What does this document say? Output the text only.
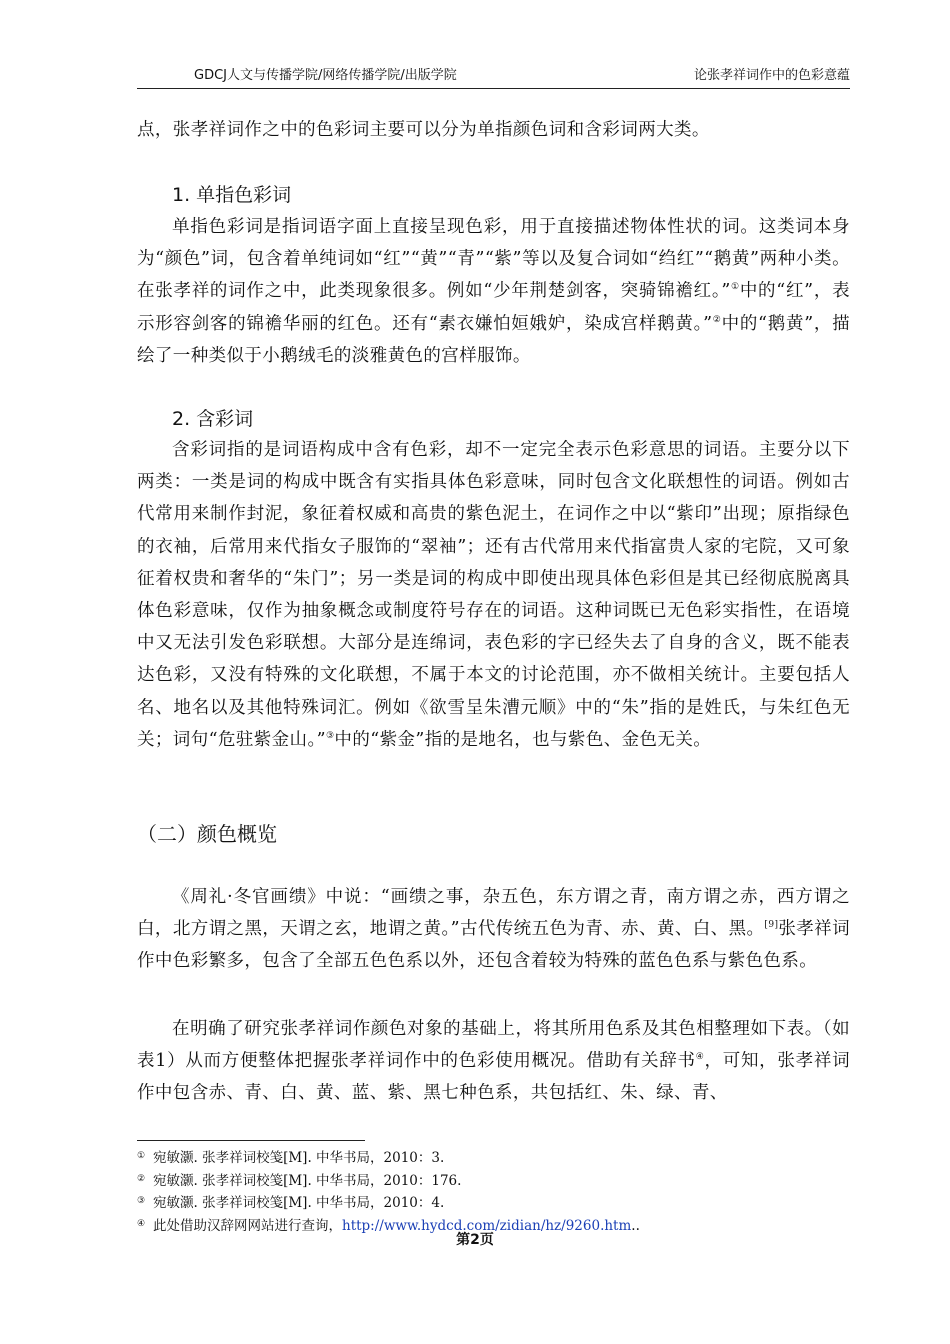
GDCJ人文与传播学院/网络传播学院/出版学院	论张孝祥词作中的色彩意蕴
点，张孝祥词作之中的色彩词主要可以分为单指颜色词和含彩词两大类。
1. 单指色彩词
单指色彩词是指词语字面上直接呈现色彩，用于直接描述物体性状的词。这类词本身为“颜色”词，包含着单纯词如“红”“黄”“青”“紫”等以及复合词如“绉红”“鹅黄”两种小类。在张孝祥的词作之中，此类现象很多。例如“少年荆楚剑客，突骑锦襜红。”①中的“红”，表示形容剑客的锦襜华丽的红色。还有“素衣嫌怕姮娥妒，染成宫样鹅黄。”②中的“鹅黄”，描绘了一种类似于小鹅绒毛的淡雅黄色的宫样服饰。
2. 含彩词
含彩词指的是词语构成中含有色彩，却不一定完全表示色彩意思的词语。主要分以下两类：一类是词的构成中既含有实指具体色彩意味，同时包含文化联想性的词语。例如古代常用来制作封泥，象征着权威和高贵的紫色泥土，在词作之中以“紫印”出现；原指绿色的衣袖，后常用来代指女子服饰的“翠袖”；还有古代常用来代指富贵人家的宅院，又可象征着权贵和奢华的“朱门”；另一类是词的构成中即使出现具体色彩但是其已经彻底脱离具体色彩意味，仅作为抽象概念或制度符号存在的词语。这种词既已无色彩实指性，在语境中又无法引发色彩联想。大部分是连绵词，表色彩的字已经失去了自身的含义，既不能表达色彩，又没有特殊的文化联想，不属于本文的讨论范围，亦不做相关统计。主要包括人名、地名以及其他特殊词汇。例如《欲雪呈朱漕元顺》中的“朱”指的是姓氏，与朱红色无关；词句“危驻紫金山。”③中的“紫金”指的是地名，也与紫色、金色无关。
（二）颜色概览
《周礼·冬官画缋》中说：“画缋之事，杂五色，东方谓之青，南方谓之赤，西方谓之白，北方谓之黑，天谓之玄，地谓之黄。”古代传统五色为青、赤、黄、白、黑。[9]张孝祥词作中色彩繁多，包含了全部五色色系以外，还包含着较为特殊的蓝色色系与紫色色系。
在明确了研究张孝祥词作颜色对象的基础上，将其所用色系及其色相整理如下表。（如表1）从而方便整体把握张孝祥词作中的色彩使用概况。借助有关辞书④，可知，张孝祥词作中包含赤、青、白、黄、蓝、紫、黑七种色系，共包括红、朱、绿、青、
① 宛敏灏. 张孝祥词校笺[M]. 中华书局，2010：3.
② 宛敏灏. 张孝祥词校笺[M]. 中华书局，2010：176.
③ 宛敏灏. 张孝祥词校笺[M]. 中华书局，2010：4.
④ 此处借助汉辞网网站进行查询，http://www.hydcd.com/zidian/hz/9260.htm..
第2页
